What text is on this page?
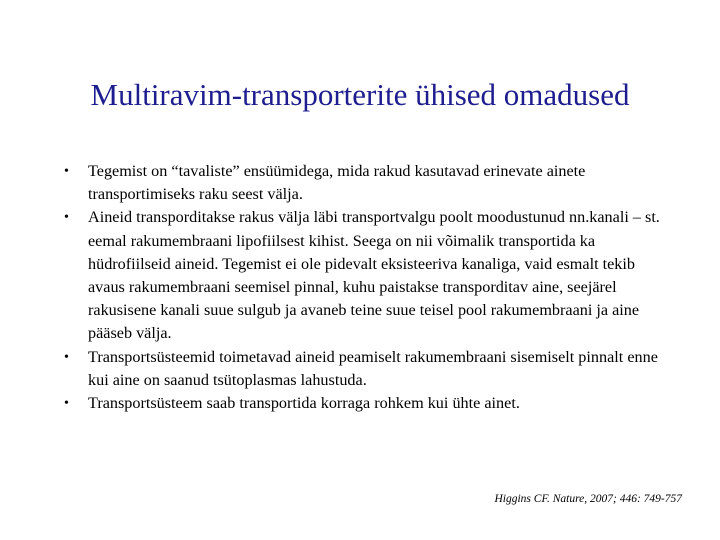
Multiravim-transporterite ühised omadused
• Tegemist on “tavaliste” ensüümidega, mida rakud kasutavad erinevate ainete transportimiseks raku seest välja.
• Aineid transporditakse rakus välja läbi transportvalgu poolt moodustunud nn.kanali – st. eemal rakumembraani lipofiilsest kihist. Seega on nii võimalik transportida ka hüdrofiilseid aineid. Tegemist ei ole pidevalt eksisteeriva kanaliga, vaid esmalt tekib avaus rakumembraani seemisel pinnal, kuhu paistakse transporditav aine, seejärel rakusisene kanali suue sulgub ja avaneb teine suue teisel pool rakumembraani ja aine pääseb välja.
• Transportsüsteemid toimetavad aineid peamiselt rakumembraani sisemiselt pinnalt enne kui aine on saanud tsütoplasmas lahustuda.
• Transportsüsteem saab transportida korraga rohkem kui ühte ainet.
Higgins CF. Nature, 2007; 446: 749-757
